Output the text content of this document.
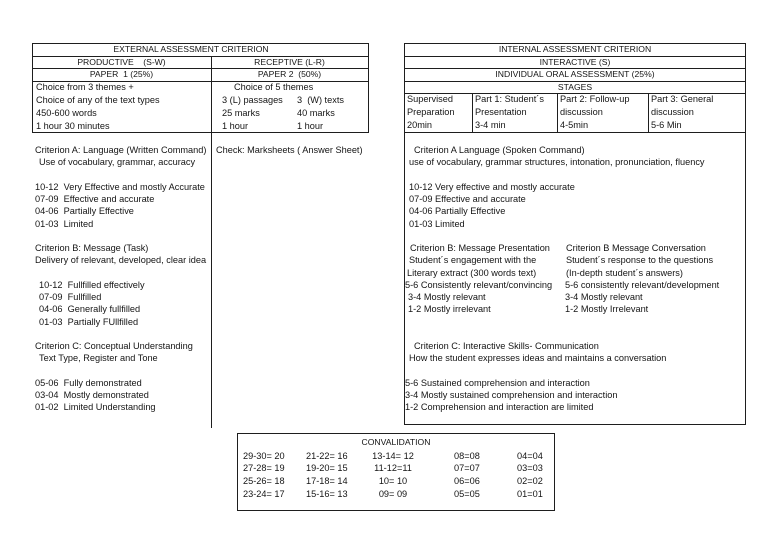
EXTERNAL ASSESSMENT CRITERION
PRODUCTIVE    (S-W)	RECEPTIVE (L-R)
PAPER  1 (25%)	PAPER 2  (50%)
Choice from 3 themes +
Choice of any of the text types
450-600 words
1 hour 30 minutes
Choice of 5 themes
3 (L) passages
25 marks
1 hour
3  (W) texts
40 marks
1 hour
Criterion A: Language (Written Command)
Use of vocabulary, grammar, accuracy
10-12  Very Effective and mostly Accurate
07-09  Effective and accurate
04-06  Partially Effective
01-03  Limited
Criterion B: Message (Task)
Delivery of relevant, developed, clear idea
10-12  Fullfilled effectively
07-09  Fullfilled
04-06  Generally fullfilled
01-03  Partially FUllfilled
Criterion C: Conceptual Understanding
Text Type, Register and Tone
05-06  Fully demonstrated
03-04  Mostly demonstrated
01-02  Limited Understanding
Check: Marksheets ( Answer Sheet)
INTERNAL ASSESSMENT CRITERION
INTERACTIVE (S)
INDIVIDUAL ORAL ASSESSMENT (25%)
STAGES
Supervised
Preparation
20min
Part 1: Student´s
Presentation
3-4 min
Part 2: Follow-up
discussion
4-5min
Part 3: General
discussion
5-6 Min
Criterion A Language (Spoken Command)
use of vocabulary, grammar structures, intonation, pronunciation, fluency
10-12 Very effective and mostly accurate
07-09 Effective and accurate
04-06 Partially Effective
01-03 Limited
Criterion B: Message Presentation
Student´s engagement with the
Literary extract (300 words text)
5-6 Consistently relevant/convincing
3-4 Mostly relevant
1-2 Mostly irrelevant
Criterion B Message Conversation
Student´s response to the questions
(In-depth student´s answers)
5-6 consistently relevant/development
3-4 Mostly relevant
1-2 Mostly Irrelevant
Criterion C: Interactive Skills- Communication
How the student expresses ideas and maintains a conversation
5-6 Sustained comprehension and interaction
3-4 Mostly sustained comprehension and interaction
1-2 Comprehension and interaction are limited
CONVALIDATION
29-30= 20
27-28= 19
25-26= 18
23-24= 17
21-22= 16
19-20= 15
17-18= 14
15-16= 13
13-14= 12
11-12=11
10= 10
09= 09
08=08
07=07
06=06
05=05
04=04
03=03
02=02
01=01
